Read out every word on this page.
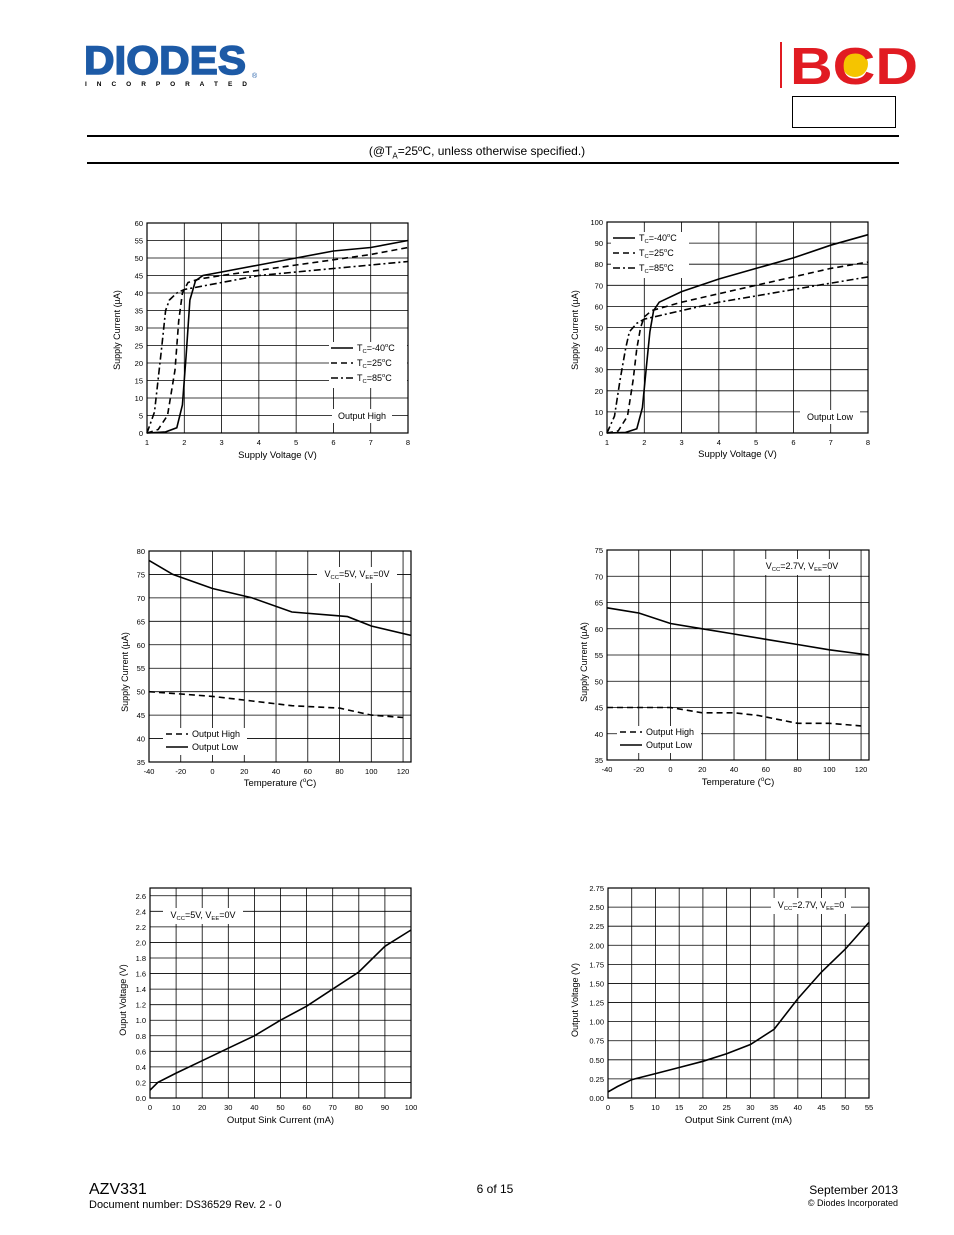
DIODES ®
I N C O R P O R A T E D	BCD
($@T_A=25ºC$, unless otherwise specified.)
1	2	3	4	5	6	7	8
0
5
10
15
20
25
30
35
40
45
50
55
60
Supply Current (µA)
Supply Voltage (V)
$T_C=-40^oC$
$T_C=25^oC$
$T_C=85^oC$
Output High
1	2	3	4	5	6	7	8
0
10
20
30
40
50
60
70
80
90
100
Supply Current (µA)
Supply Voltage (V)
$T_C=-40^oC$
$T_C=25^oC$
$T_C=85^oC$
Output Low
-40	-20	0	20	40	60	80	100	120
35
40
45
50
55
60
65
70
75
80
Supply Current (µA)
Temperature ($^o$C)
$V_{CC}=5V$, $V_{EE}=0V$
Output High
Output Low
-40	-20	0	20	40	60	80	100	120
35
40
45
50
55
60
65
70
75
Supply Current (µA)
Temperature ($^o$C)
$V_{CC}=2.7V$, $V_{EE}=0V$
Output High
Output Low
0	10 20 30 40 50 60 70 80 90 100
0.0
0.2
0.4
0.6
0.8
1.0
1.2
1.4
1.6
1.8
2.0
2.2
2.4
2.6
Ouput Voltage (V)
Output Sink Current (mA)
$V_{CC}=5V$, $V_{EE}=0V$
0	5 10 15 20 25 30 35 40 45 50 55
0.00
0.25
0.50
0.75
1.00
1.25
1.50
1.75
2.00
2.25
2.50
2.75
Output Voltage (V)
Output Sink Current (mA)
$V_{CC}=2.7V$, $V_{EE}=0$
AZV331
Document number: DS36529 Rev. 2 - 0
6 of 15	September 2013
© Diodes Incorporated
